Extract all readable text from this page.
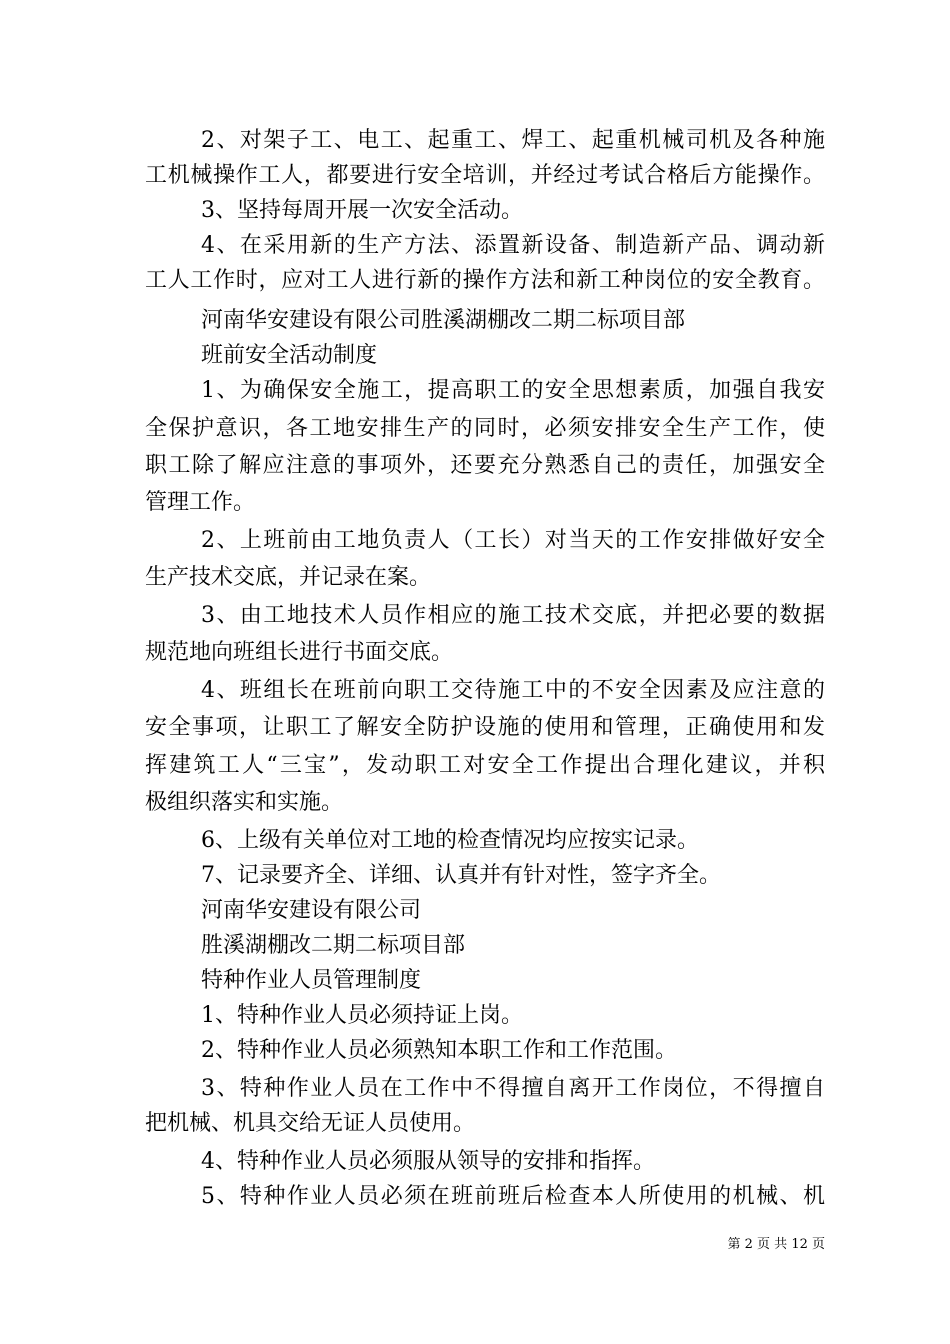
2、对架子工、电工、起重工、焊工、起重机械司机及各种施
工机械操作工人，都要进行安全培训，并经过考试合格后方能操作。
3、坚持每周开展一次安全活动。
4、在采用新的生产方法、添置新设备、制造新产品、调动新
工人工作时，应对工人进行新的操作方法和新工种岗位的安全教育。
河南华安建设有限公司胜溪湖棚改二期二标项目部
班前安全活动制度
1、为确保安全施工，提高职工的安全思想素质，加强自我安
全保护意识，各工地安排生产的同时，必须安排安全生产工作，使
职工除了解应注意的事项外，还要充分熟悉自己的责任，加强安全
管理工作。
2、上班前由工地负责人（工长）对当天的工作安排做好安全
生产技术交底，并记录在案。
3、由工地技术人员作相应的施工技术交底，并把必要的数据
规范地向班组长进行书面交底。
4、班组长在班前向职工交待施工中的不安全因素及应注意的
安全事项，让职工了解安全防护设施的使用和管理，正确使用和发
挥建筑工人“三宝”，发动职工对安全工作提出合理化建议，并积
极组织落实和实施。
6、上级有关单位对工地的检查情况均应按实记录。
7、记录要齐全、详细、认真并有针对性，签字齐全。
河南华安建设有限公司
胜溪湖棚改二期二标项目部
特种作业人员管理制度
1、特种作业人员必须持证上岗。
2、特种作业人员必须熟知本职工作和工作范围。
3、特种作业人员在工作中不得擅自离开工作岗位，不得擅自
把机械、机具交给无证人员使用。
4、特种作业人员必须服从领导的安排和指挥。
5、特种作业人员必须在班前班后检查本人所使用的机械、机
第 2 页 共 12 页
